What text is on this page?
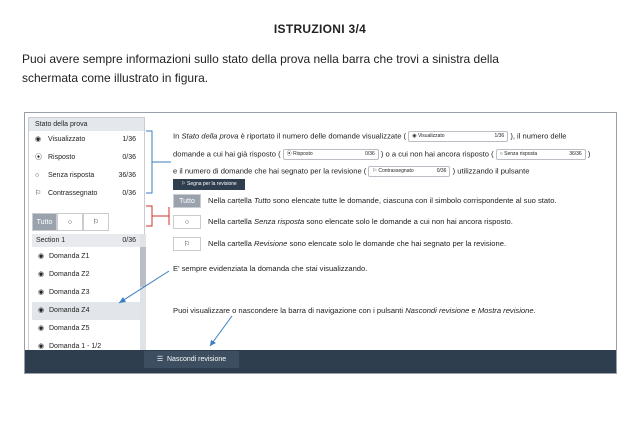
ISTRUZIONI 3/4
Puoi avere sempre informazioni sullo stato della prova nella barra che trovi a sinistra della
schermata come illustrato in figura.
Stato della prova
◉ Visualizzato	1/36
⦿ Risposto	0/36
○ Senza risposta	36/36
⚐ Contrassegnato	0/36
Tutto	○	⚐
Section 1	0/36
◉ Domanda Z1
◉ Domanda Z2
◉ Domanda Z3
◉ Domanda Z4
◉ Domanda Z5
◉ Domanda 1 - 1/2
☰ Nascondi revisione
In Stato della prova è riportato il numero delle domande visualizzate ( ◉ Visualizzato	1/36 ), il numero delle
domande a cui hai già risposto ( ⦿ Risposto	0/36 ) o a cui non hai ancora risposto ( ○ Senza risposta	36/36 )
e il numero di domande che hai segnato per la revisione ( ⚐ Contrassegnato	0/36 ) utilizzando il pulsante
⚐ Segna per la revisione
Tutto	Nella cartella Tutto sono elencate tutte le domande, ciascuna con il simbolo corrispondente al suo stato.
○	Nella cartella Senza risposta sono elencate solo le domande a cui non hai ancora risposto.
⚐	Nella cartella Revisione sono elencate solo le domande che hai segnato per la revisione.
E' sempre evidenziata la domanda che stai visualizzando.
Puoi visualizzare o nascondere la barra di navigazione con i pulsanti Nascondi revisione e Mostra revisione.
